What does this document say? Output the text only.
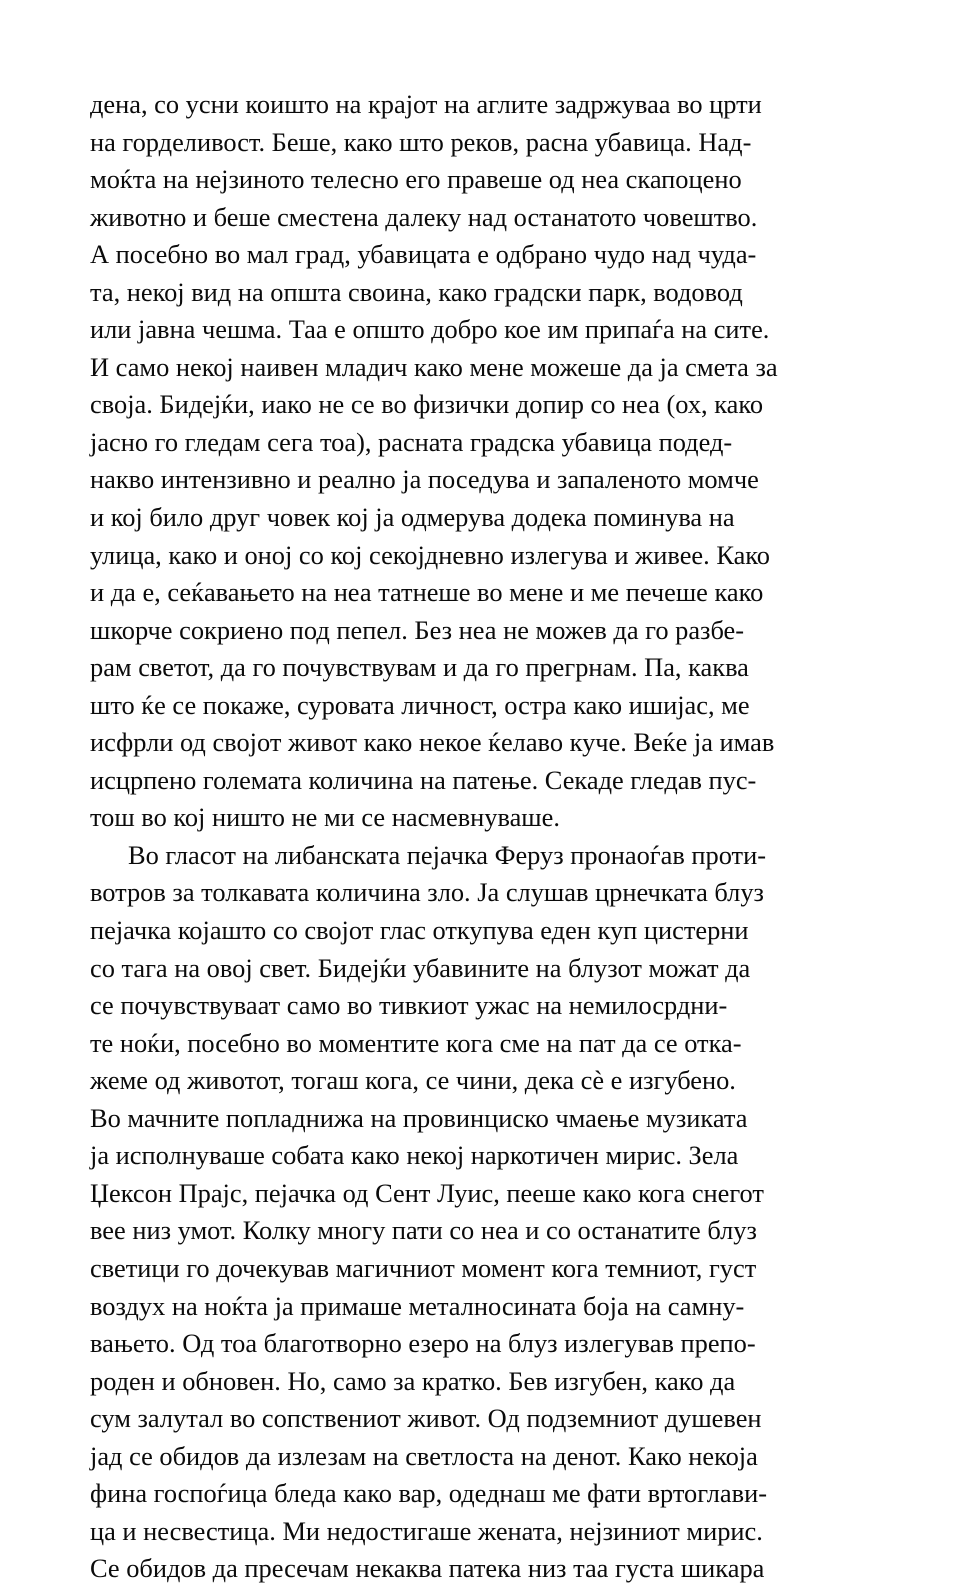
дена, со усни коишто на крајот на аглите задржуваа во црти
на горделивост. Беше, како што реков, расна убавица. Над-
моќта на нејзиното телесно его правеше од неа скапоцено
животно и беше сместена далеку над останатото човештво.
А посебно во мал град, убавицата е одбрано чудо над чуда-
та, некој вид на општа своина, како градски парк, водовод
или јавна чешма. Таа е општо добро кое им припаѓа на сите.
И само некој наивен младич како мене можеше да ја смета за
своја. Бидејќи, иако не се во физички допир со неа (ох, како
јасно го гледам сега тоа), расната градска убавица подед-
накво интензивно и реално ја поседува и запаленото момче
и кој било друг човек кој ја одмерува додека поминува на
улица, како и оној со кој секојдневно излегува и живее. Како
и да е, сеќавањето на неа татнеше во мене и ме печеше како
шкорче сокриено под пепел. Без неа не можев да го разбе-
рам светот, да го почувствувам и да го прегрнам. Па, каква
што ќе се покаже, суровата личност, остра како ишијас, ме
исфрли од својот живот како некое ќелаво куче. Веќе ја имав
исцрпено големата количина на патење. Секаде гледав пус-
тош во кој ништо не ми се насмевнуваше.

Во гласот на либанската пејачка Феруз пронаоѓав проти-
вотров за толкавата количина зло. Ја слушав црнечката блуз
пејачка којашто со својот глас откупува еден куп цистерни
со тага на овој свет. Бидејќи убавините на блузот можат да
се почувствуваат само во тивкиот ужас на немилосрдни-
те ноќи, посебно во моментите кога сме на пат да се отка-
жеме од животот, тогаш кога, се чини, дека сѐ е изгубено.
Во мачните попладнижа на провинциско чмаење музиката
ја исполнуваше собата како некој наркотичен мирис. Зела
Џексон Прајс, пејачка од Сент Луис, пееше како кога снегот
вее низ умот. Колку многу пати со неа и со останатите блуз
светици го дочекував магичниот момент кога темниот, густ
воздух на ноќта ја примаше металносината боја на самну-
вањето. Од тоа благотворно езеро на блуз излегував препо-
роден и обновен. Но, само за кратко. Бев изгубен, како да
сум залутал во сопствениот живот. Од подземниот душевен
јад се обидов да излезам на светлоста на денот. Како некоја
фина госпоѓица бледа како вар, одеднаш ме фати вртоглави-
ца и несвестица. Ми недостигаше жената, нејзиниот мирис.
Се обидов да пресечам некаква патека низ таа густа шикара
